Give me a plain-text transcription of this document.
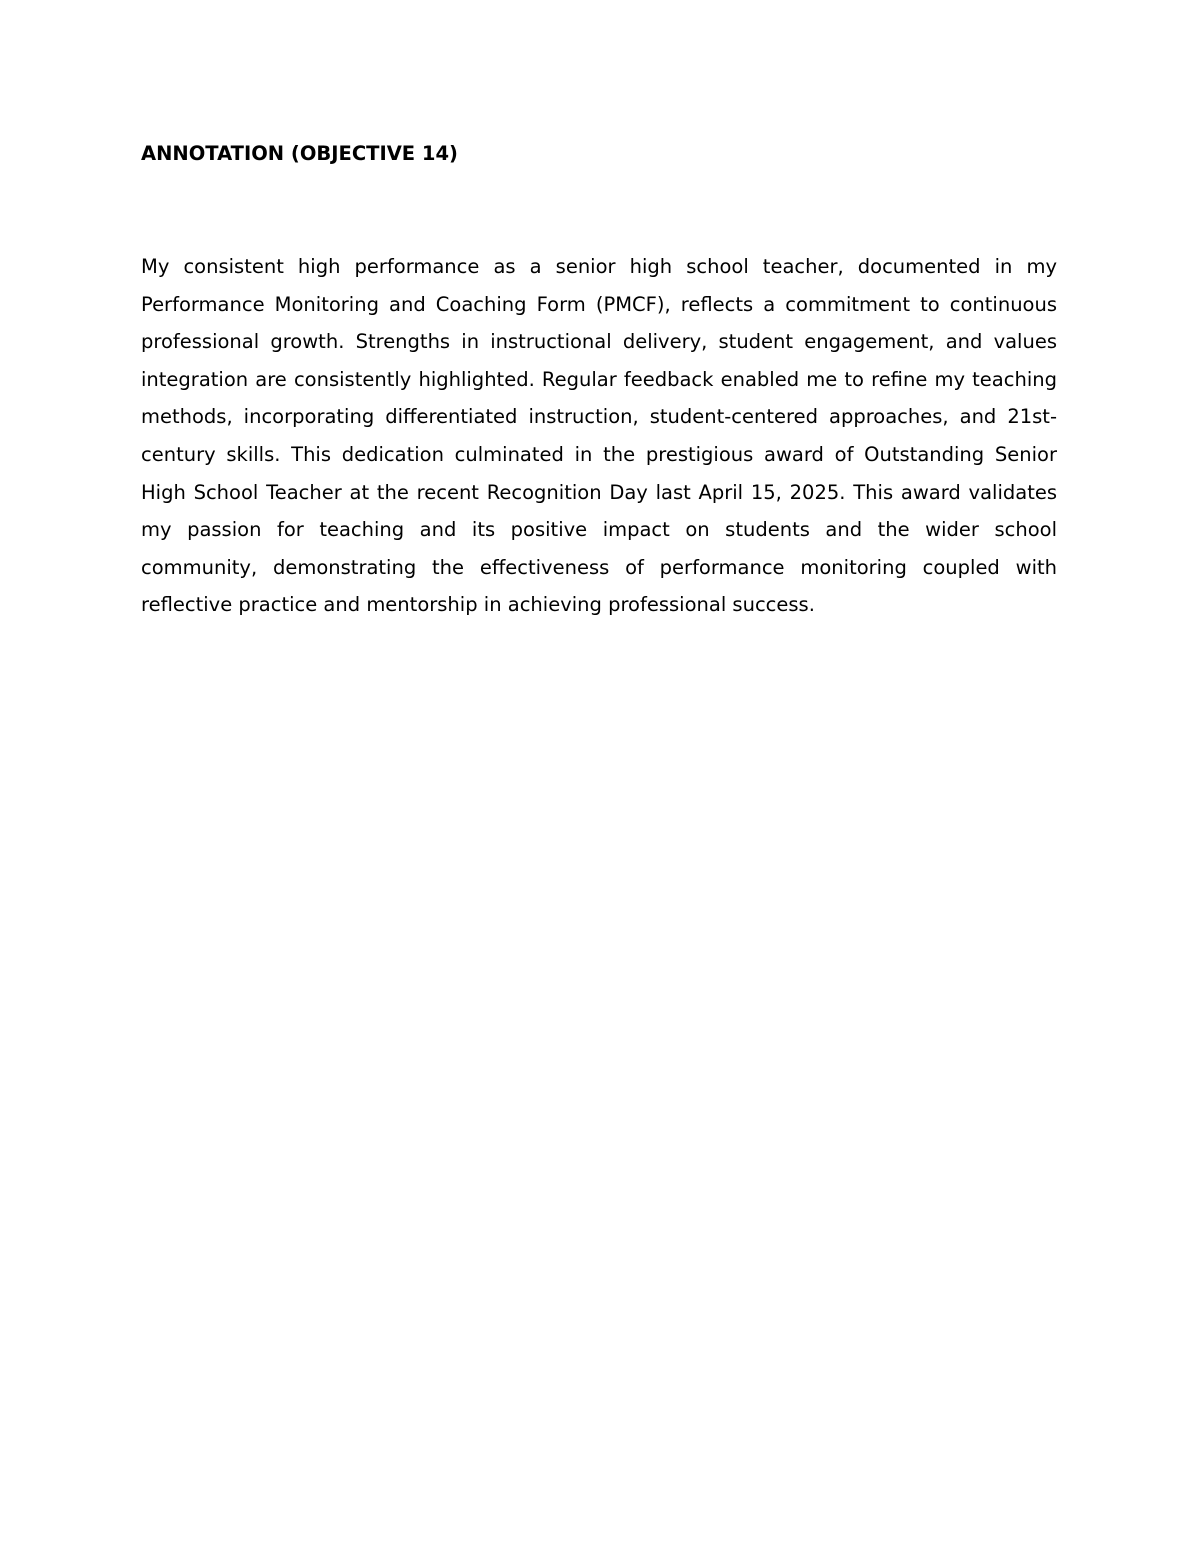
ANNOTATION (OBJECTIVE 14)

My consistent high performance as a senior high school teacher, documented in my Performance Monitoring and Coaching Form (PMCF), reflects a commitment to continuous professional growth. Strengths in instructional delivery, student engagement, and values integration are consistently highlighted. Regular feedback enabled me to refine my teaching methods, incorporating differentiated instruction, student-centered approaches, and 21st-century skills. This dedication culminated in the prestigious award of Outstanding Senior High School Teacher at the recent Recognition Day last April 15, 2025. This award validates my passion for teaching and its positive impact on students and the wider school community, demonstrating the effectiveness of performance monitoring coupled with reflective practice and mentorship in achieving professional success.
